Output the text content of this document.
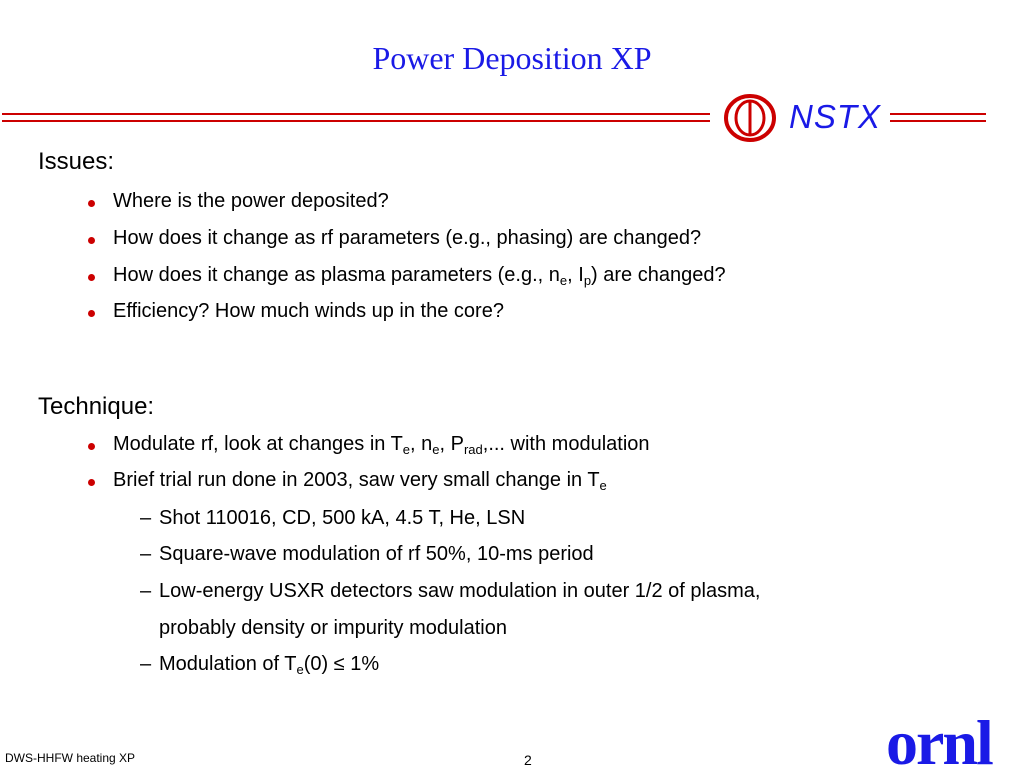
Power Deposition XP
NSTX
Issues:
Where is the power deposited?
How does it change as rf parameters (e.g., phasing) are changed?
How does it change as plasma parameters (e.g., $n_e$, $I_p$) are changed?
Efficiency? How much winds up in the core?
Technique:
Modulate rf, look at changes in $T_e$, $n_e$, $P_{rad}$,... with modulation
Brief trial run done in 2003, saw very small change in $T_e$
– Shot 110016, CD, 500 kA, 4.5 T, He, LSN
– Square-wave modulation of rf 50%, 10-ms period
– Low-energy USXR detectors saw modulation in outer 1/2 of plasma,
probably density or impurity modulation
– Modulation of $T_e(0) \le 1\%$
DWS-HHFW heating XP	2	ornl
